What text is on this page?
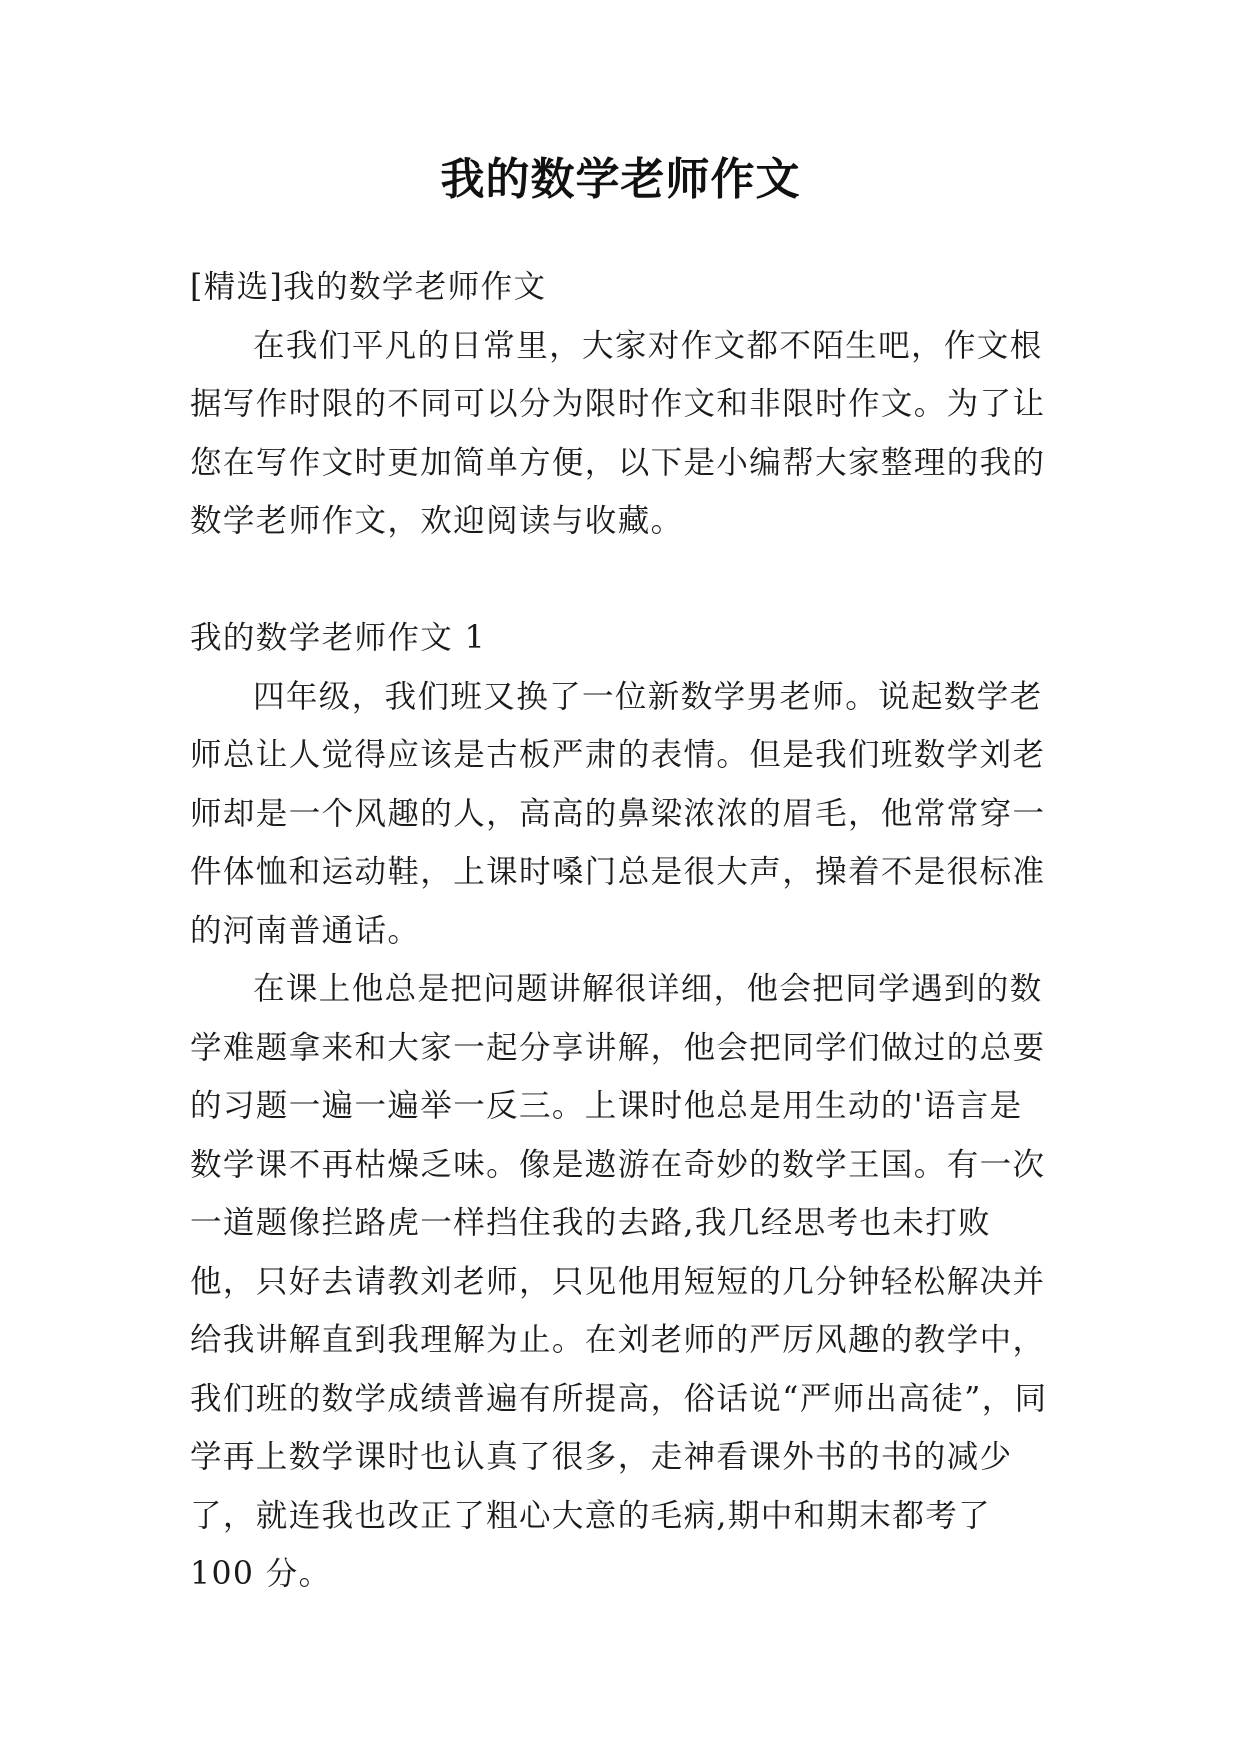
我的数学老师作文

[精选]我的数学老师作文

在我们平凡的日常里，大家对作文都不陌生吧，作文根据写作时限的不同可以分为限时作文和非限时作文。为了让您在写作文时更加简单方便，以下是小编帮大家整理的我的数学老师作文，欢迎阅读与收藏。

我的数学老师作文 1

四年级，我们班又换了一位新数学男老师。说起数学老师总让人觉得应该是古板严肃的表情。但是我们班数学刘老师却是一个风趣的人，高高的鼻梁浓浓的眉毛，他常常穿一件体恤和运动鞋，上课时嗓门总是很大声，操着不是很标准的河南普通话。

在课上他总是把问题讲解很详细，他会把同学遇到的数学难题拿来和大家一起分享讲解，他会把同学们做过的总要的习题一遍一遍举一反三。上课时他总是用生动的'语言是数学课不再枯燥乏味。像是遨游在奇妙的数学王国。有一次一道题像拦路虎一样挡住我的去路,我几经思考也未打败他，只好去请教刘老师，只见他用短短的几分钟轻松解决并给我讲解直到我理解为止。在刘老师的严厉风趣的教学中，我们班的数学成绩普遍有所提高，俗话说“严师出高徒”，同学再上数学课时也认真了很多，走神看课外书的书的减少了，就连我也改正了粗心大意的毛病,期中和期末都考了 100 分。
